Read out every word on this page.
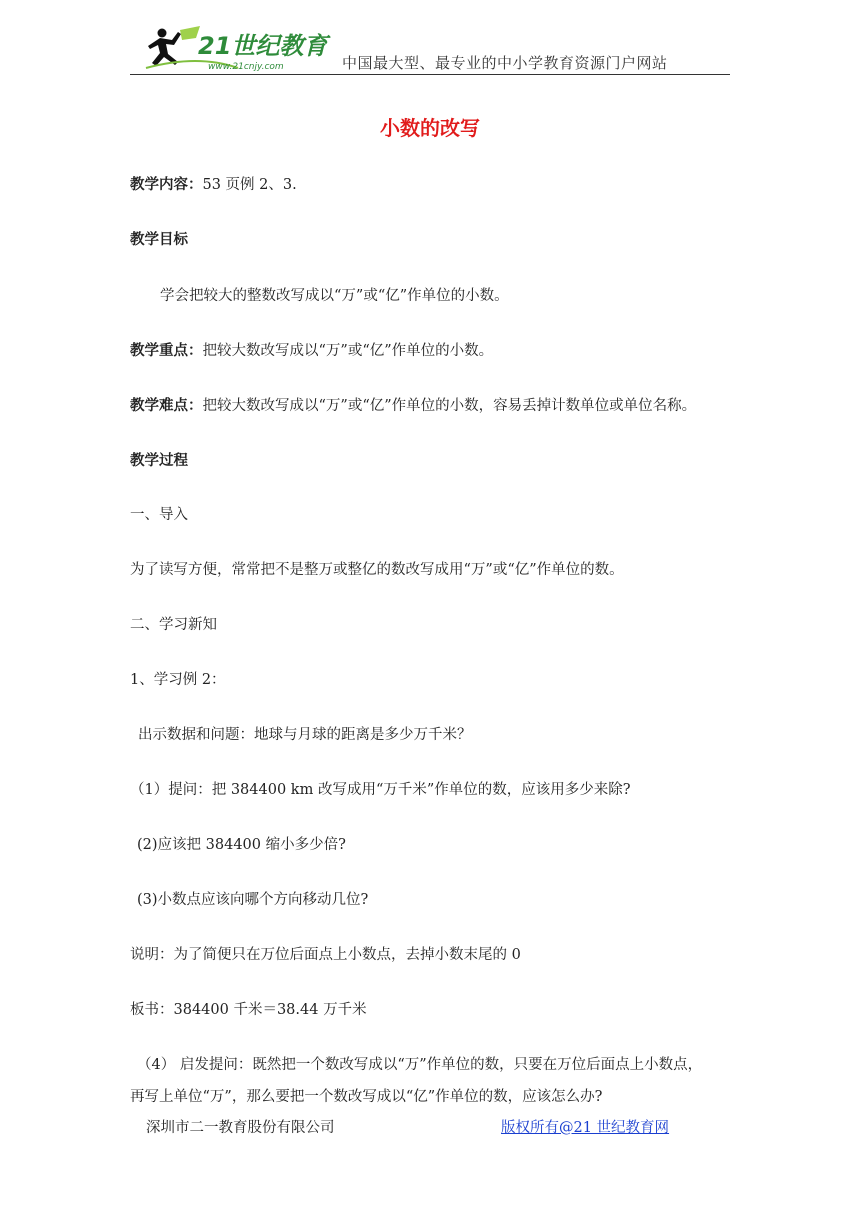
21世纪教育
www.21cnjy.com	中国最大型、最专业的中小学教育资源门户网站
小数的改写
教学内容：53 页例 2、3.
教学目标
学会把较大的整数改写成以“万”或“亿”作单位的小数。
教学重点：把较大数改写成以“万”或“亿”作单位的小数。
教学难点：把较大数改写成以“万”或“亿”作单位的小数，容易丢掉计数单位或单位名称。
教学过程
一、导入
为了读写方便，常常把不是整万或整亿的数改写成用“万”或“亿”作单位的数。
二、学习新知
1、学习例 2：
出示数据和问题：地球与月球的距离是多少万千米？
（1）提问：把 384400 km 改写成用“万千米”作单位的数，应该用多少来除?
(2)应该把 384400 缩小多少倍?
(3)小数点应该向哪个方向移动几位?
说明：为了简便只在万位后面点上小数点，去掉小数末尾的 0
板书：384400 千米＝38.44 万千米
（4） 启发提问：既然把一个数改写成以“万”作单位的数，只要在万位后面点上小数点，
再写上单位“万”，那么要把一个数改写成以“亿”作单位的数，应该怎么办?
深圳市二一教育股份有限公司	版权所有@21 世纪教育网
